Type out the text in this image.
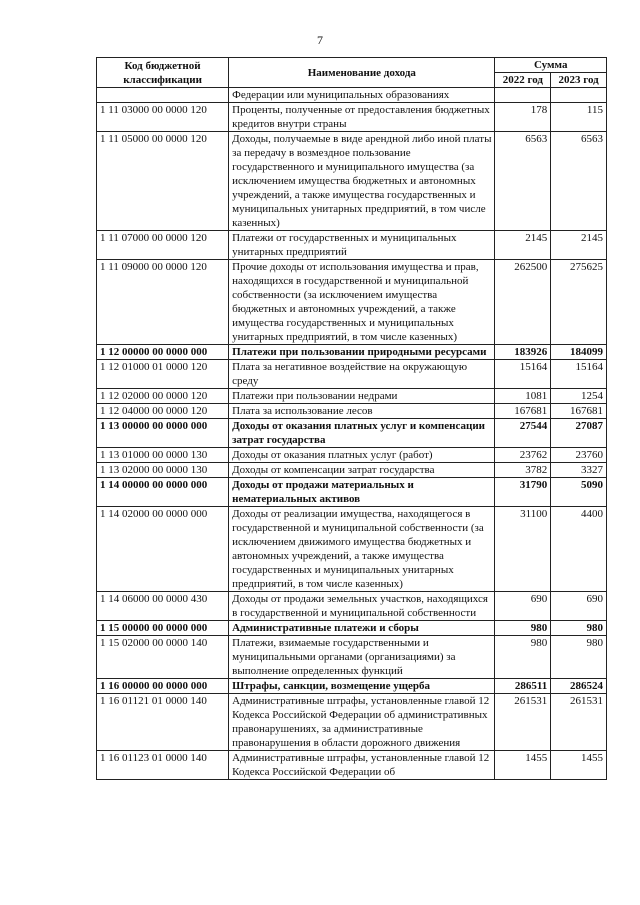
7
Код бюджетной классификации	Наименование дохода	Сумма	
		2022 год	2023 год
	Федерации или муниципальных образованиях		
1 11 03000 00 0000 120	Проценты, полученные от предоставления бюджетных кредитов внутри страны	178	115
1 11 05000 00 0000 120	Доходы, получаемые в виде арендной либо иной платы за передачу в возмездное пользование государственного и муниципального имущества (за исключением имущества бюджетных и автономных учреждений, а также имущества государственных и муниципальных унитарных предприятий, в том числе казенных)	6563	6563
1 11 07000 00 0000 120	Платежи от государственных и муниципальных унитарных предприятий	2145	2145
1 11 09000 00 0000 120	Прочие доходы от использования имущества и прав, находящихся в государственной и муниципальной собственности (за исключением имущества бюджетных и автономных учреждений, а также имущества государственных и муниципальных унитарных предприятий, в том числе казенных)	262500	275625
1 12 00000 00 0000 000	Платежи при пользовании природными ресурсами	183926	184099
1 12 01000 01 0000 120	Плата за негативное воздействие на окружающую среду	15164	15164
1 12 02000 00 0000 120	Платежи при пользовании недрами	1081	1254
1 12 04000 00 0000 120	Плата за использование лесов	167681	167681
1 13 00000 00 0000 000	Доходы от оказания платных услуг и компенсации затрат государства	27544	27087
1 13 01000 00 0000 130	Доходы от оказания платных услуг (работ)	23762	23760
1 13 02000 00 0000 130	Доходы от компенсации затрат государства	3782	3327
1 14 00000 00 0000 000	Доходы от продажи материальных и нематериальных активов	31790	5090
1 14 02000 00 0000 000	Доходы от реализации имущества, находящегося в государственной и муниципальной собственности (за исключением движимого имущества бюджетных и автономных учреждений, а также имущества государственных и муниципальных унитарных предприятий, в том числе казенных)	31100	4400
1 14 06000 00 0000 430	Доходы от продажи земельных участков, находящихся в государственной и муниципальной собственности	690	690
1 15 00000 00 0000 000	Административные платежи и сборы	980	980
1 15 02000 00 0000 140	Платежи, взимаемые государственными и муниципальными органами (организациями) за выполнение определенных функций	980	980
1 16 00000 00 0000 000	Штрафы, санкции, возмещение ущерба	286511	286524
1 16 01121 01 0000 140	Административные штрафы, установленные главой 12 Кодекса Российской Федерации об административных правонарушениях, за административные правонарушения в области дорожного движения	261531	261531
1 16 01123 01 0000 140	Административные штрафы, установленные главой 12 Кодекса Российской Федерации об	1455	1455
